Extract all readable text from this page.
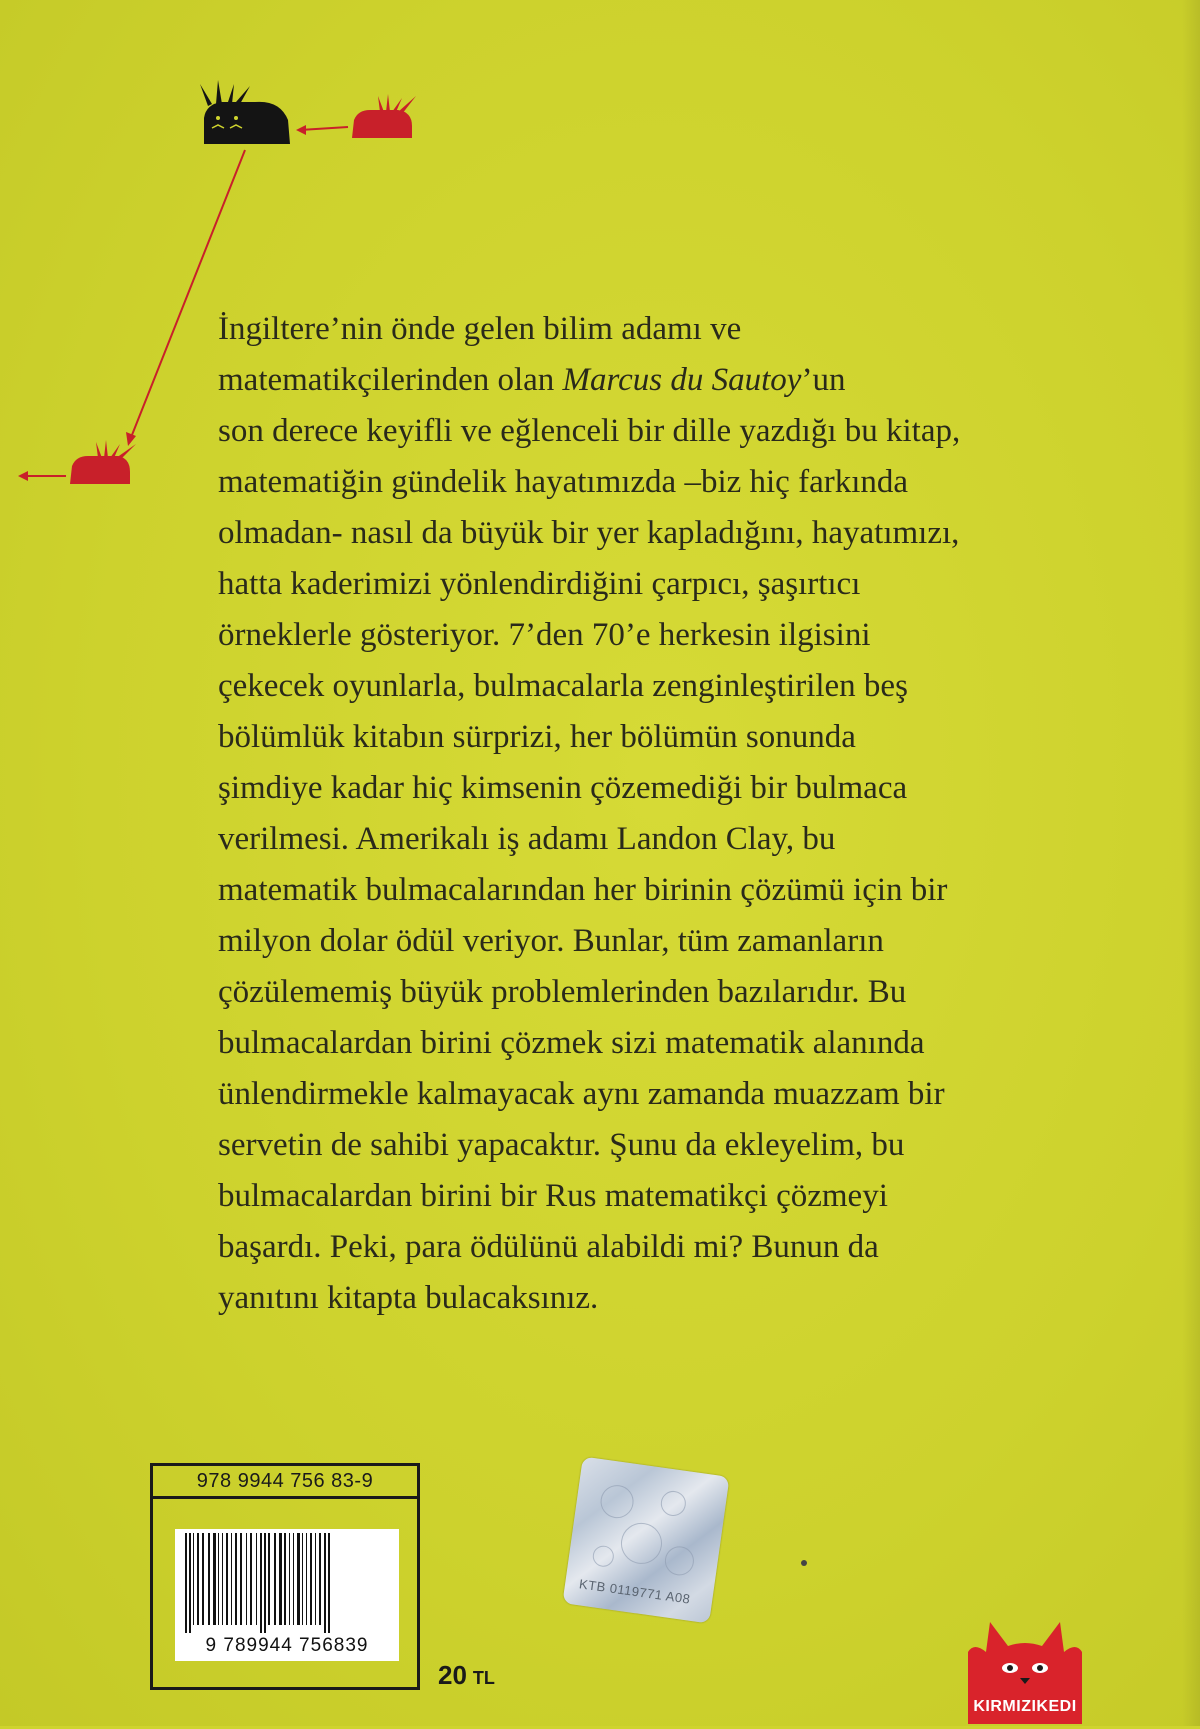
İngiltere’nin önde gelen bilim adamı ve
matematikçilerinden olan Marcus du Sautoy’un
son derece keyifli ve eğlenceli bir dille yazdığı bu kitap,
matematiğin gündelik hayatımızda –biz hiç farkında
olmadan- nasıl da büyük bir yer kapladığını, hayatımızı,
hatta kaderimizi yönlendirdiğini çarpıcı, şaşırtıcı
örneklerle gösteriyor. 7’den 70’e herkesin ilgisini
çekecek oyunlarla, bulmacalarla zenginleştirilen beş
bölümlük kitabın sürprizi, her bölümün sonunda
şimdiye kadar hiç kimsenin çözemediği bir bulmaca
verilmesi. Amerikalı iş adamı Landon Clay, bu
matematik bulmacalarından her birinin çözümü için bir
milyon dolar ödül veriyor. Bunlar, tüm zamanların
çözülememiş büyük problemlerinden bazılarıdır. Bu
bulmacalardan birini çözmek sizi matematik alanında
ünlendirmekle kalmayacak aynı zamanda muazzam bir
servetin de sahibi yapacaktır. Şunu da ekleyelim, bu
bulmacalardan birini bir Rus matematikçi çözmeyi
başardı. Peki, para ödülünü alabildi mi? Bunun da
yanıtını kitapta bulacaksınız.

978 9944 756 83-9
9 789944 756839
20 TL
KTB 0119771 A08
KIRMIZIKEDI
